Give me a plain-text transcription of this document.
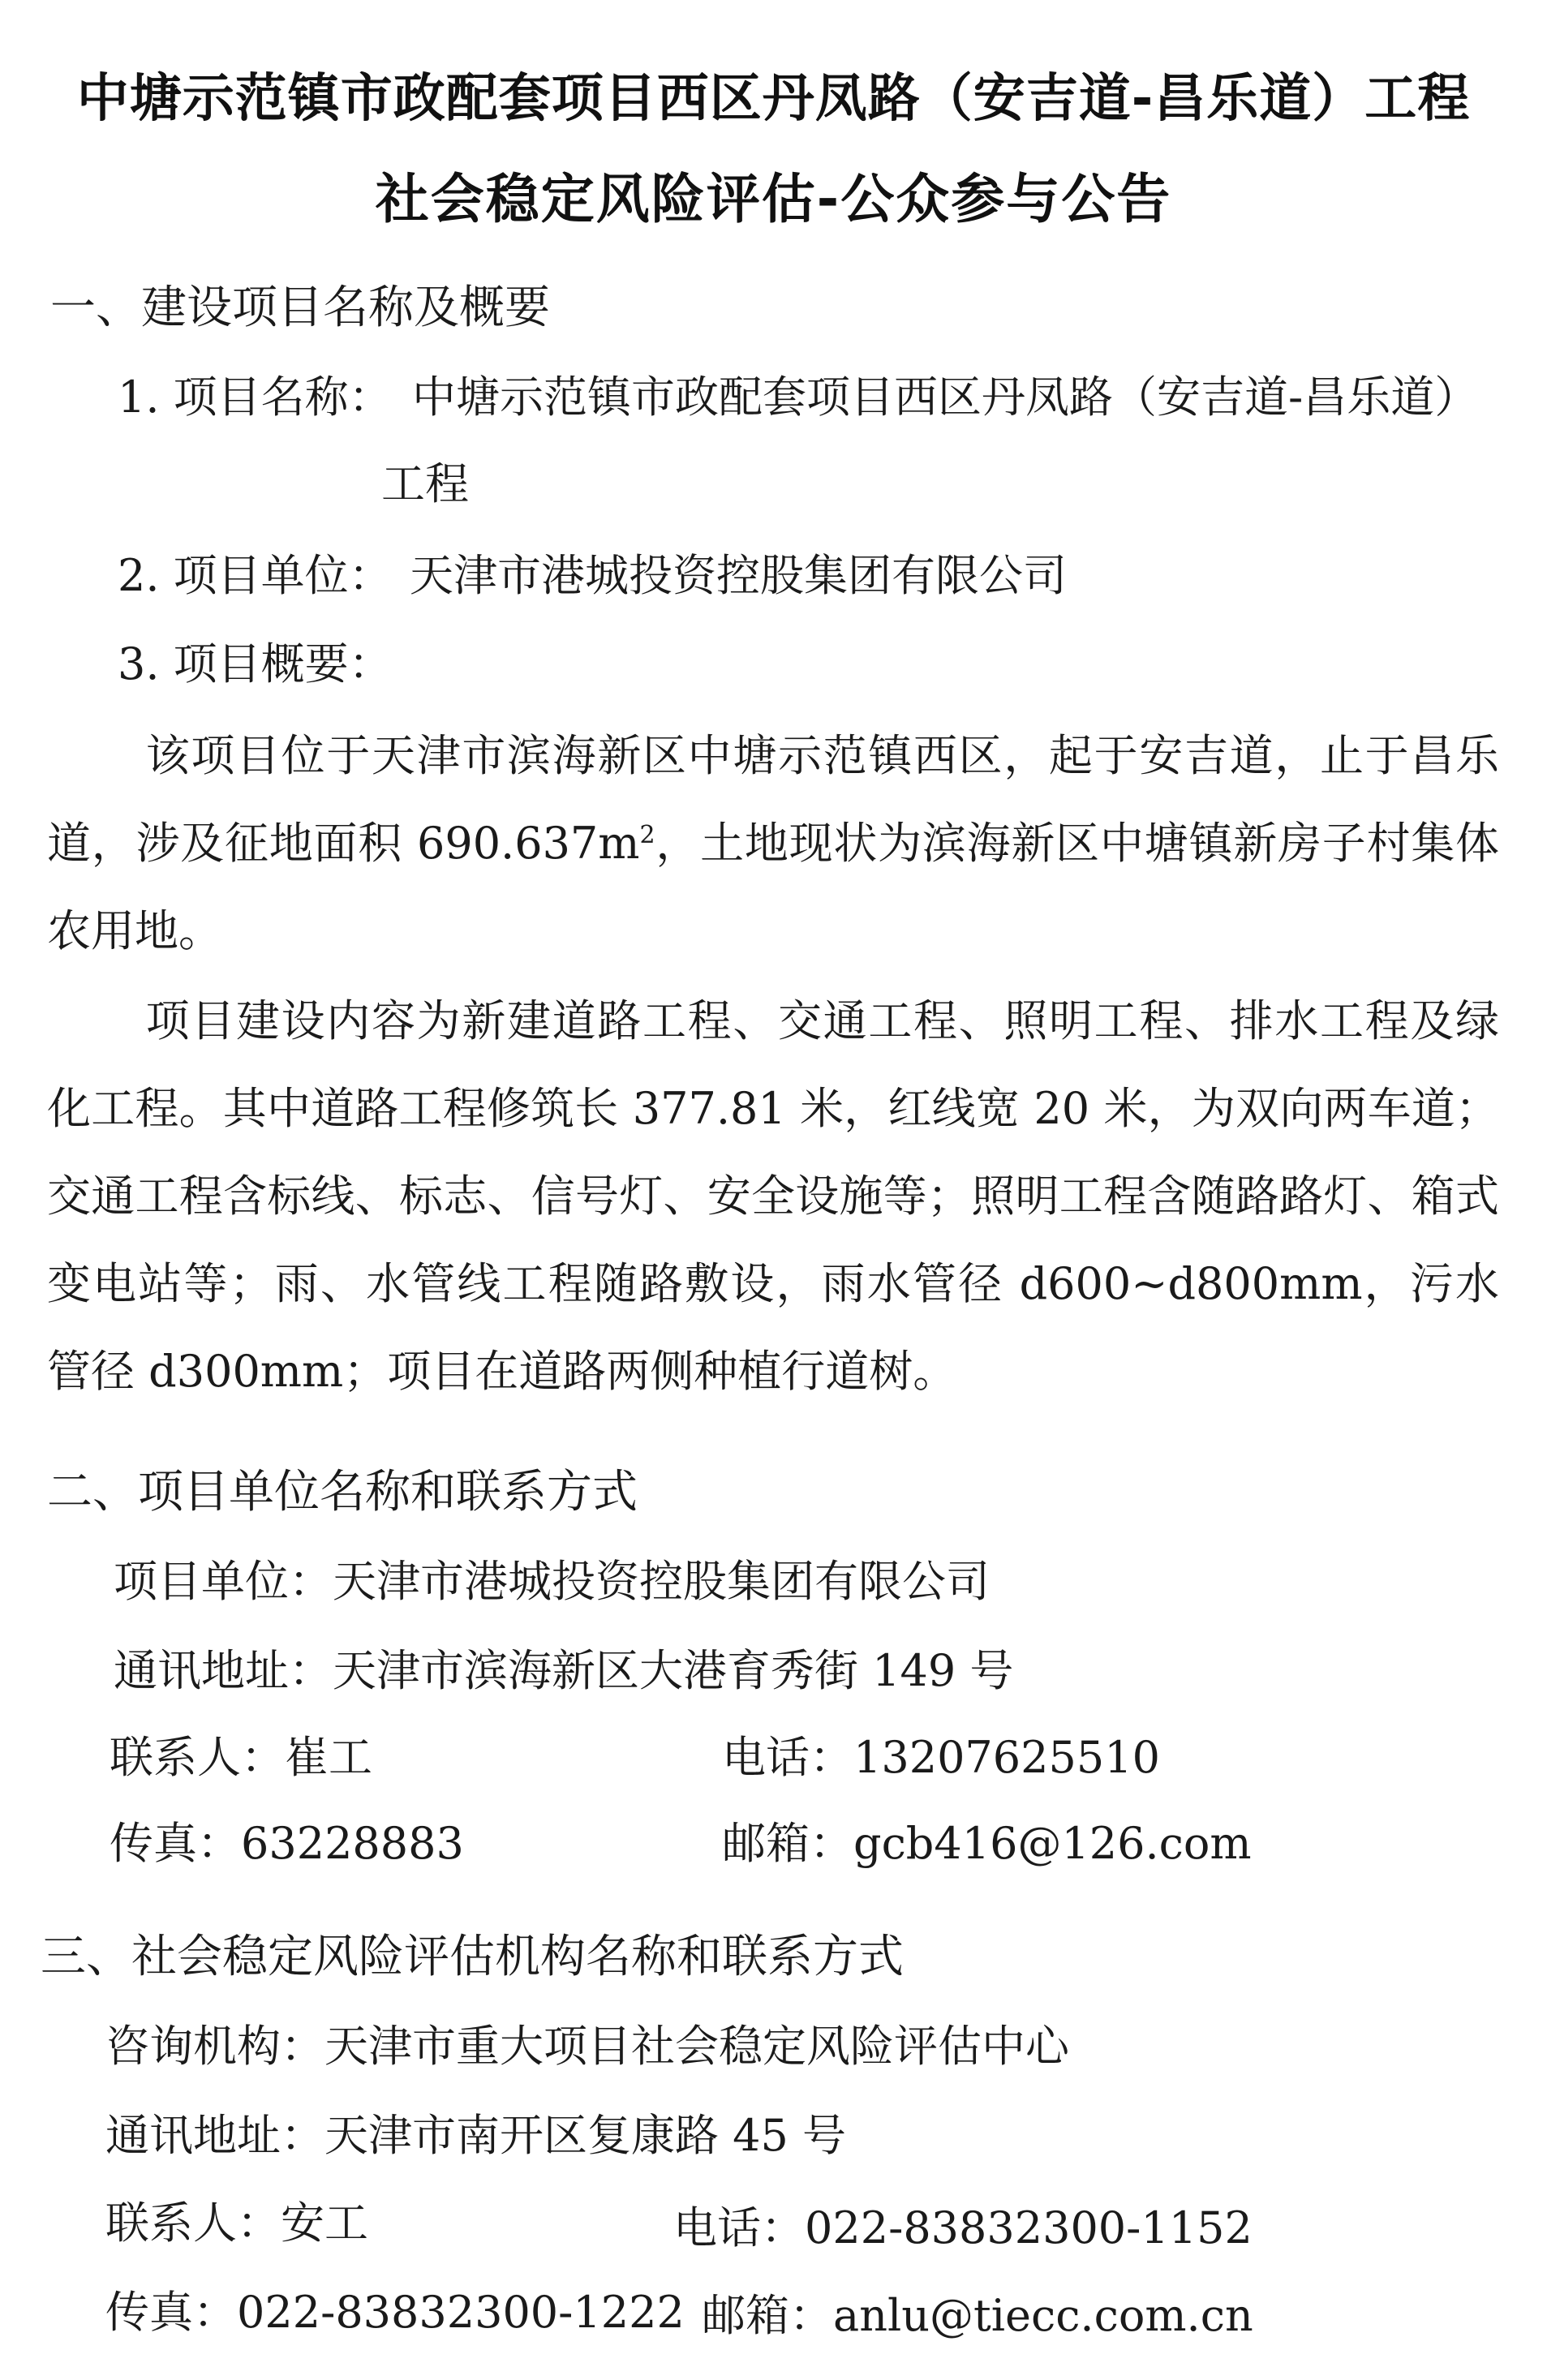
中塘示范镇市政配套项目西区丹凤路（安吉道-昌乐道）工程
社会稳定风险评估-公众参与公告
一、建设项目名称及概要
1. 项目名称： 中塘示范镇市政配套项目西区丹凤路（安吉道-昌乐道）
工程
2. 项目单位： 天津市港城投资控股集团有限公司
3. 项目概要：
该项目位于天津市滨海新区中塘示范镇西区，起于安吉道，止于昌乐道，涉及征地面积 $690.637m^2$，土地现状为滨海新区中塘镇新房子村集体农用地。
项目建设内容为新建道路工程、交通工程、照明工程、排水工程及绿化工程。其中道路工程修筑长 377.81 米，红线宽 20 米，为双向两车道；交通工程含标线、标志、信号灯、安全设施等；照明工程含随路路灯、箱式变电站等；雨、水管线工程随路敷设，雨水管径 d600~d800mm，污水管径 d300mm；项目在道路两侧种植行道树。
二、项目单位名称和联系方式
项目单位：天津市港城投资控股集团有限公司
通讯地址：天津市滨海新区大港育秀街 149 号
联系人：崔工	电话：13207625510
传真：63228883	邮箱：gcb416@126.com
三、社会稳定风险评估机构名称和联系方式
咨询机构：天津市重大项目社会稳定风险评估中心
通讯地址：天津市南开区复康路 45 号
联系人：安工	电话：022-83832300-1152
传真：022-83832300-1222 邮箱：anlu@tiecc.com.cn
